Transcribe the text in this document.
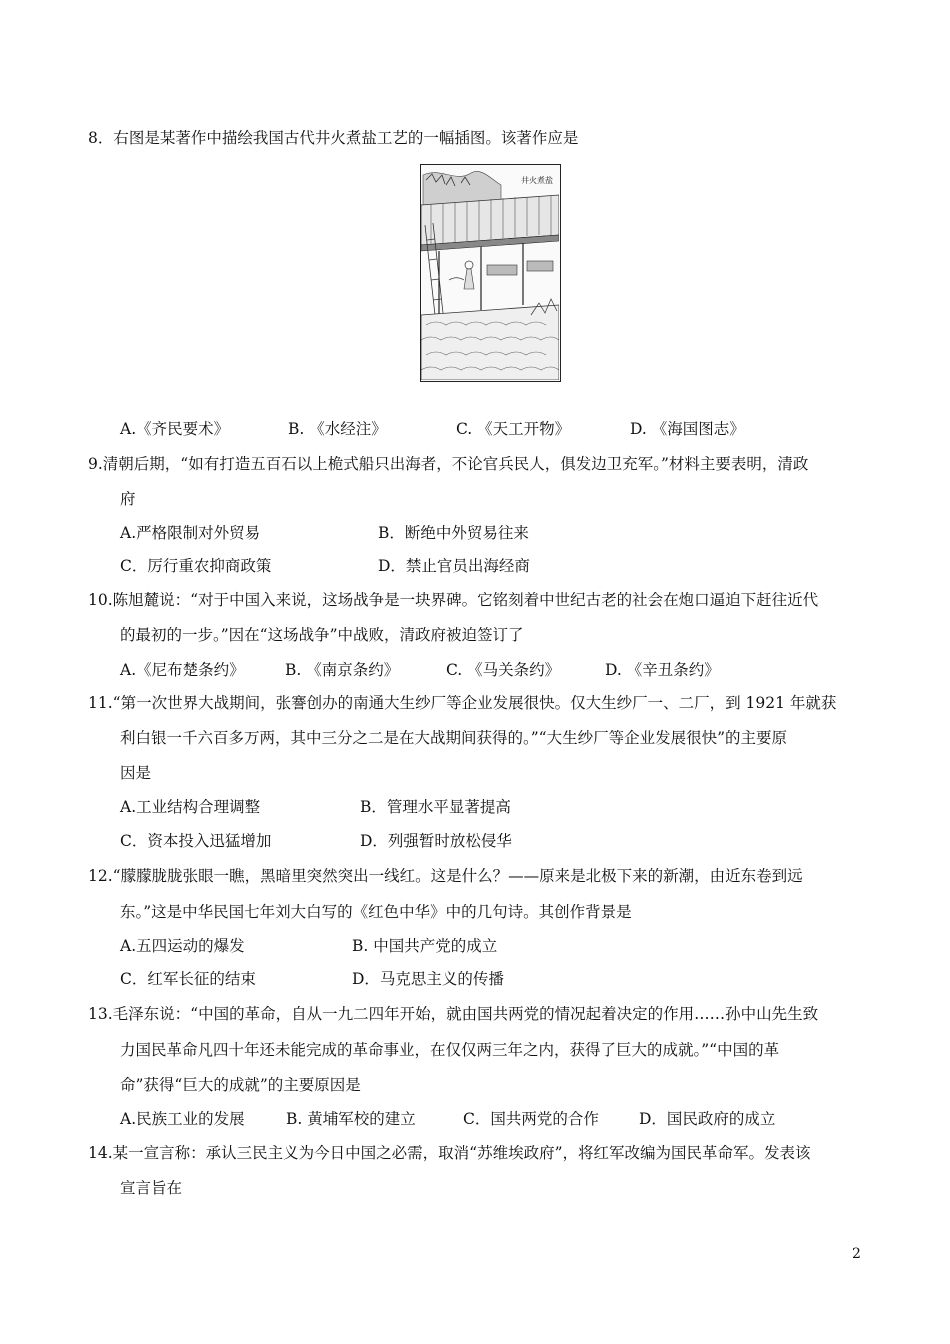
8．右图是某著作中描绘我国古代井火煮盐工艺的一幅插图。该著作应是
井火煮盐
A.《齐民要术》	B. 《水经注》	C. 《天工开物》	D. 《海国图志》
9.清朝后期，“如有打造五百石以上桅式船只出海者，不论官兵民人，俱发边卫充军。”材料主要表明，清政
府
A.严格限制对外贸易	B．断绝中外贸易往来
C．厉行重农抑商政策	D．禁止官员出海经商
10.陈旭麓说：“对于中国入来说，这场战争是一块界碑。它铭刻着中世纪古老的社会在炮口逼迫下赶往近代
的最初的一步。”因在“这场战争”中战败，清政府被迫签订了
A.《尼布楚条约》	B. 《南京条约》	C. 《马关条约》	D. 《辛丑条约》
11.“第一次世界大战期间，张謇创办的南通大生纱厂等企业发展很快。仅大生纱厂一、二厂，到 1921 年就获
利白银一千六百多万两，其中三分之二是在大战期间获得的。”“大生纱厂等企业发展很快”的主要原
因是
A.工业结构合理调整	B．管理水平显著提高
C．资本投入迅猛增加	D．列强暂时放松侵华
12.“朦朦胧胧张眼一瞧，黑暗里突然突出一线红。这是什么？——原来是北极下来的新潮，由近东卷到远
东。”这是中华民国七年刘大白写的《红色中华》中的几句诗。其创作背景是
A.五四运动的爆发	B. 中国共产党的成立
C．红军长征的结束	D．马克思主义的传播
13.毛泽东说：“中国的革命，自从一九二四年开始，就由国共两党的情况起着决定的作用……孙中山先生致
力国民革命凡四十年还未能完成的革命事业，在仅仅两三年之内，获得了巨大的成就。”“中国的革
命”获得“巨大的成就”的主要原因是
A.民族工业的发展	B. 黄埔军校的建立	C．国共两党的合作	D．国民政府的成立
14.某一宣言称：承认三民主义为今日中国之必需，取消“苏维埃政府”，将红军改编为国民革命军。发表该
宣言旨在
2
